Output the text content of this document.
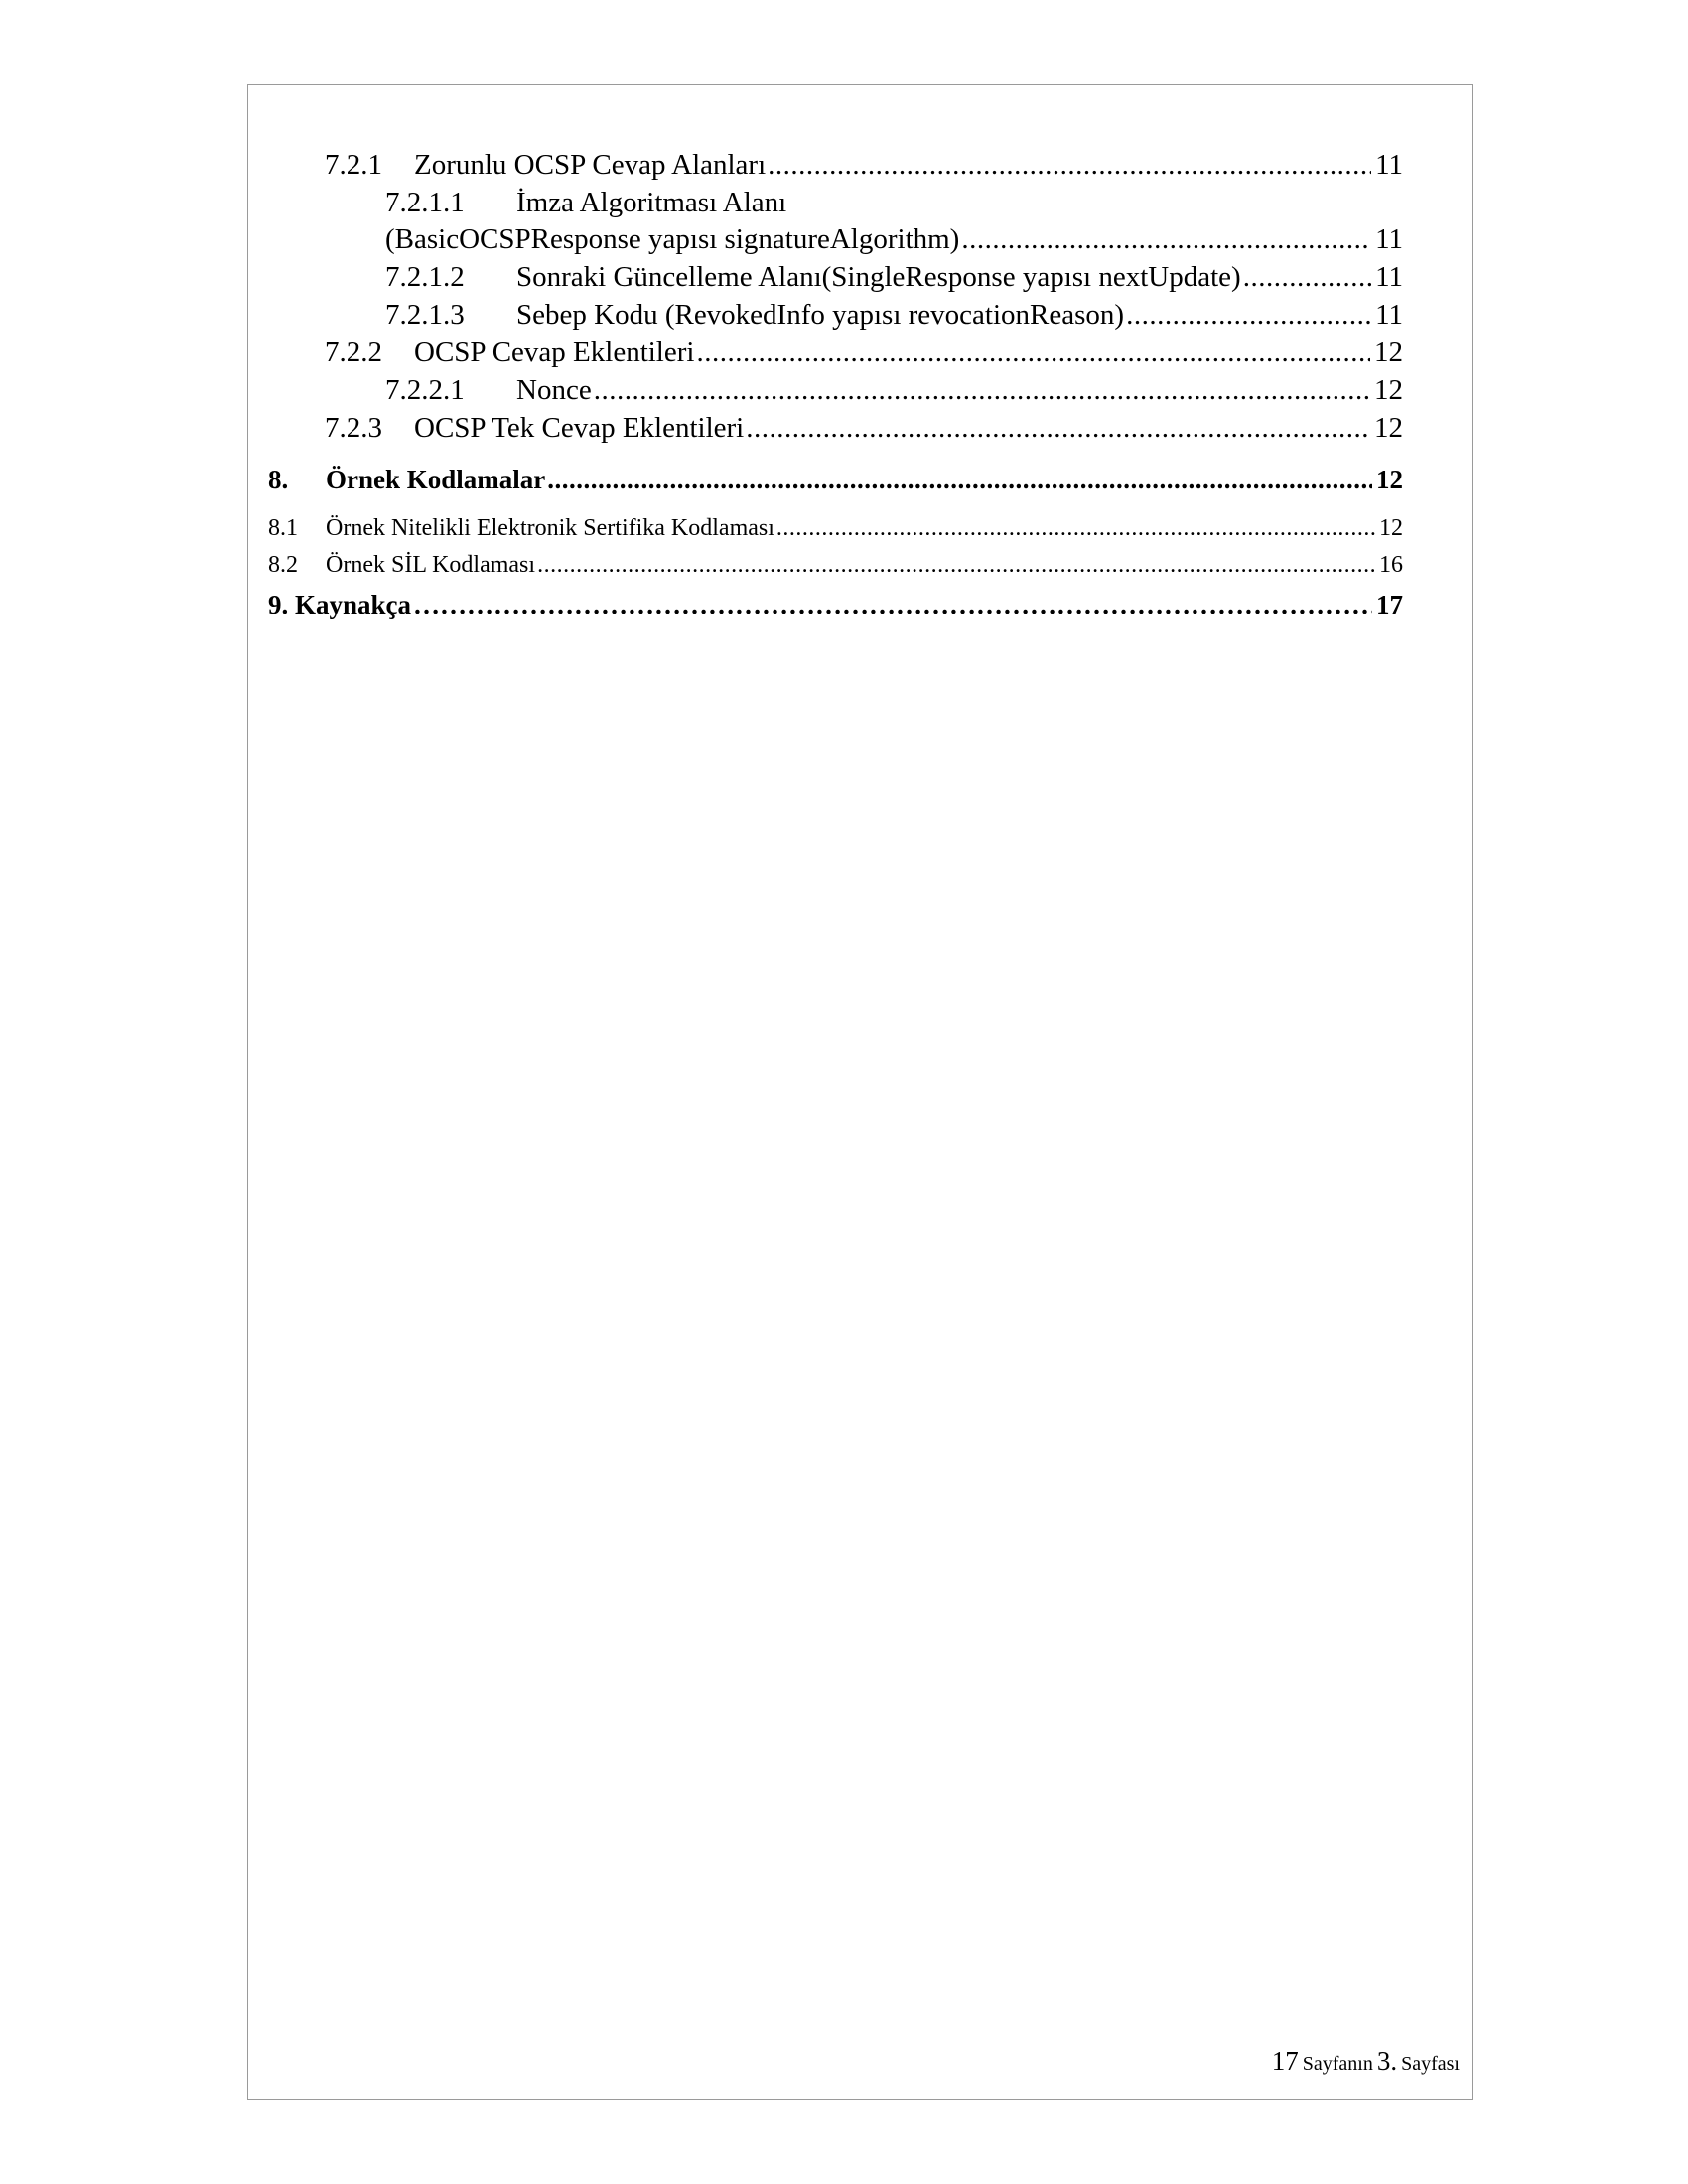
7.2.1	Zorunlu OCSP Cevap Alanları .....	11
7.2.1.1	İmza Algoritması Alanı
(BasicOCSPResponse yapısı signatureAlgorithm) .....	11
7.2.1.2	Sonraki Güncelleme Alanı(SingleResponse yapısı nextUpdate) .....	11
7.2.1.3	Sebep Kodu (RevokedInfo yapısı revocationReason) .....	11
7.2.2	OCSP Cevap Eklentileri .....	12
7.2.2.1	Nonce .....	12
7.2.3	OCSP Tek Cevap Eklentileri .....	12
8.	Örnek Kodlamalar .....	12
8.1	Örnek Nitelikli Elektronik Sertifika Kodlaması .....	12
8.2	Örnek SİL Kodlaması .....	16
9. Kaynakça …………………………………………………………………………………………………………………………………………………………………………………………………………	17
17 Sayfanın 3. Sayfası
